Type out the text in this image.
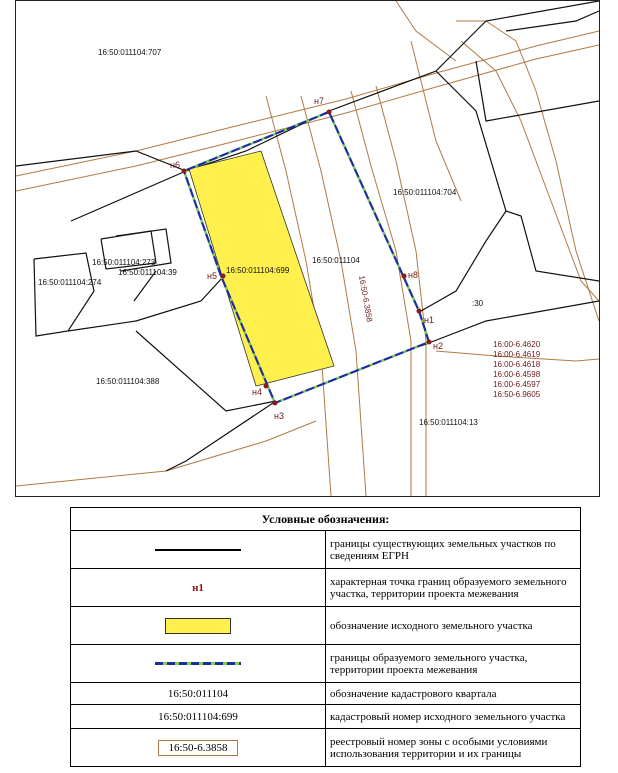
н1
н2
н3
н4
н5
н6
н7
н8
16:50:011104:707
16:50:011104:704
16:50:011104:273
16:50:011104:39
16:50:011104:274
16:50:011104:699
16:50:011104
16:50:011104:388
16:50:011104:13
:30
16:50-6.3858
16:00-6.4620
16:00-6.4619
16:00-6.4618
16:00-6.4598
16:00-6.4597
16:50-6.9605
Условные обозначения:	
	границы существующих земельных участков по сведениям ЕГРН
н1	характерная точка границ образуемого земельного участка, территории проекта межевания
	обозначение исходного земельного участка
	границы образуемого земельного участка, территории проекта межевания
16:50:011104	обозначение кадастрового квартала
16:50:011104:699	кадастровый номер исходного земельного участка
16:50-6.3858	реестровый номер зоны с особыми условиями использования территории и их границы
